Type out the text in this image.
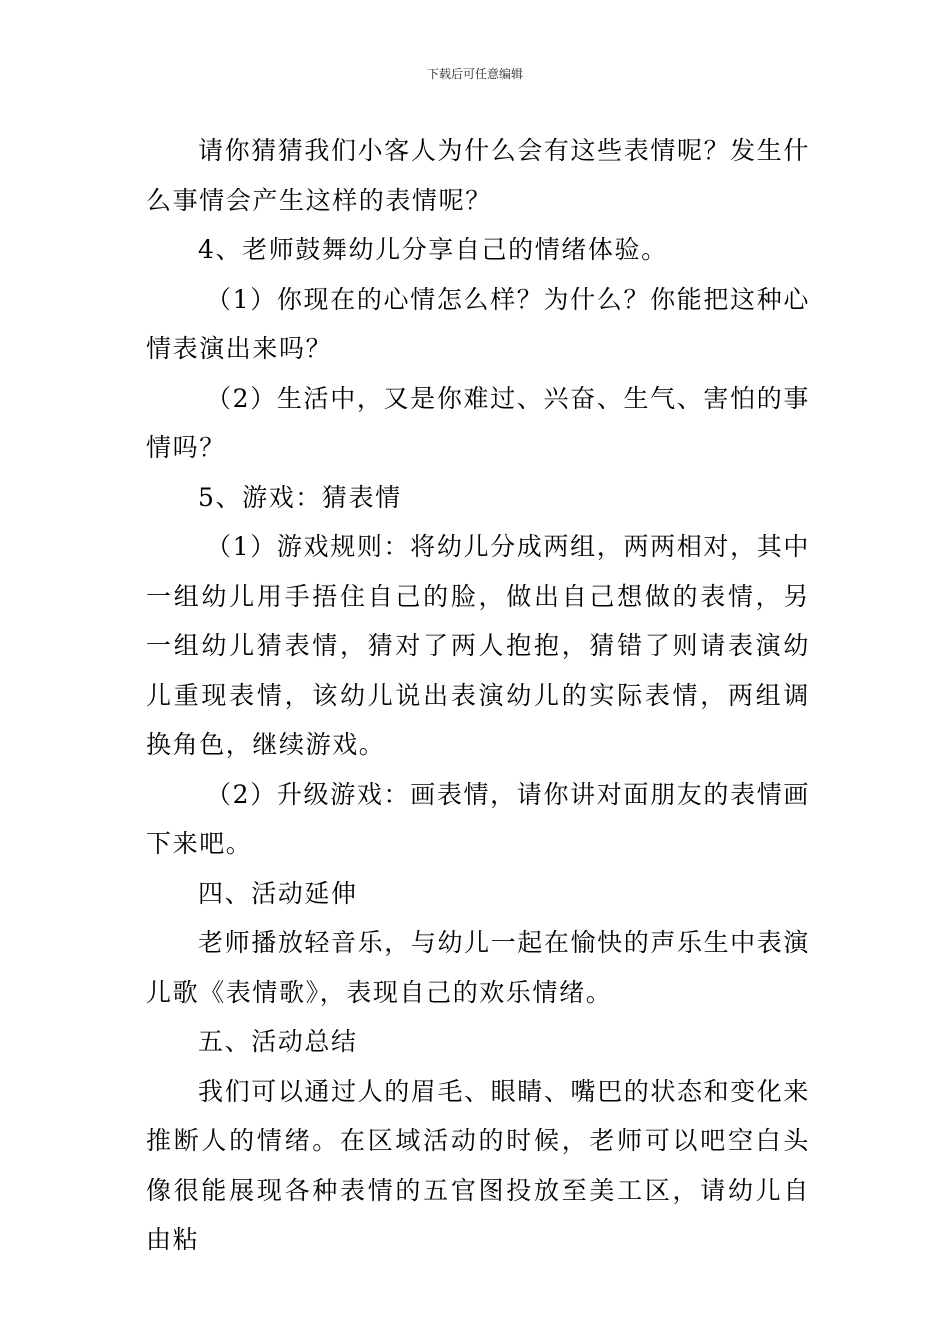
下载后可任意编辑

请你猜猜我们小客人为什么会有这些表情呢？发生什么事情会产生这样的表情呢？

4、老师鼓舞幼儿分享自己的情绪体验。

（1）你现在的心情怎么样？为什么？你能把这种心情表演出来吗？

（2）生活中，又是你难过、兴奋、生气、害怕的事情吗？

5、游戏：猜表情

（1）游戏规则：将幼儿分成两组，两两相对，其中一组幼儿用手捂住自己的脸，做出自己想做的表情，另一组幼儿猜表情，猜对了两人抱抱，猜错了则请表演幼儿重现表情，该幼儿说出表演幼儿的实际表情，两组调换角色，继续游戏。

（2）升级游戏：画表情，请你讲对面朋友的表情画下来吧。

四、活动延伸

老师播放轻音乐，与幼儿一起在愉快的声乐生中表演儿歌《表情歌》，表现自己的欢乐情绪。

五、活动总结

我们可以通过人的眉毛、眼睛、嘴巴的状态和变化来推断人的情绪。在区域活动的时候，老师可以吧空白头像很能展现各种表情的五官图投放至美工区，请幼儿自由粘
